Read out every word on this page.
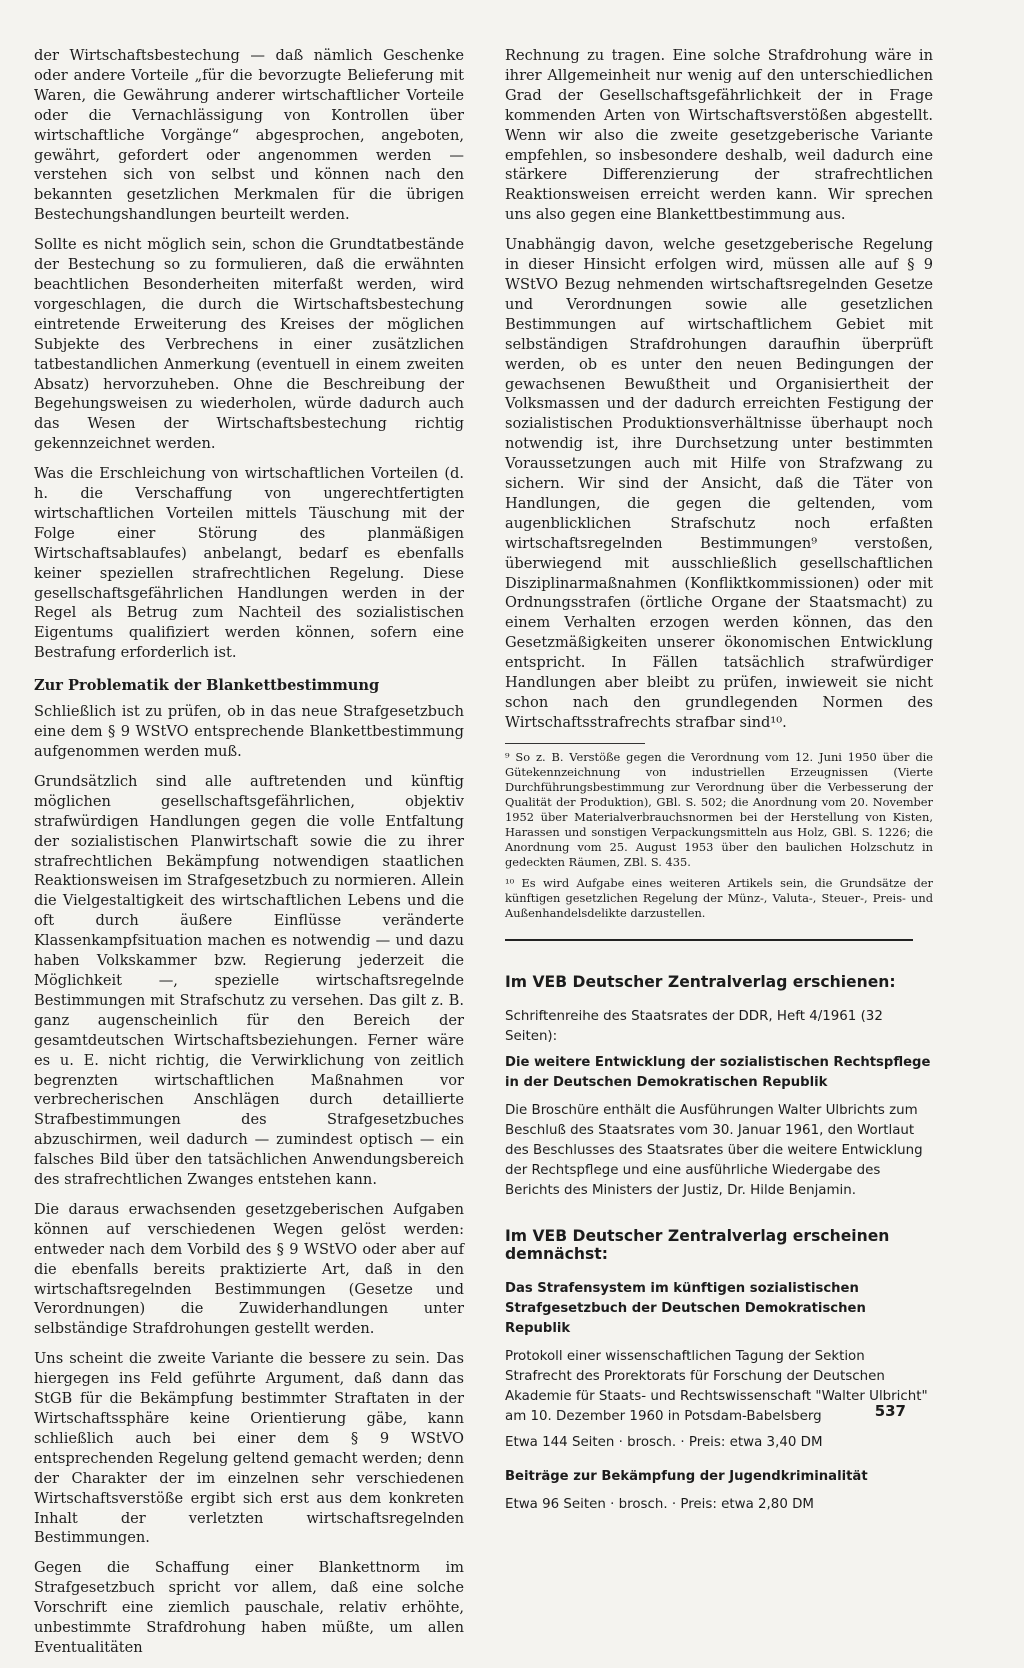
der Wirtschaftsbestechung — daß nämlich Geschenke oder andere Vorteile „für die bevorzugte Belieferung mit Waren, die Gewährung anderer wirtschaftlicher Vorteile oder die Vernachlässigung von Kontrollen über wirtschaftliche Vorgänge“ abgesprochen, angeboten, gewährt, gefordert oder angenommen werden — verstehen sich von selbst und können nach den bekannten gesetzlichen Merkmalen für die übrigen Bestechungshandlungen beurteilt werden.

Sollte es nicht möglich sein, schon die Grundtatbestände der Bestechung so zu formulieren, daß die erwähnten beachtlichen Besonderheiten miterfaßt werden, wird vorgeschlagen, die durch die Wirtschaftsbestechung eintretende Erweiterung des Kreises der möglichen Subjekte des Verbrechens in einer zusätzlichen tatbestandlichen Anmerkung (eventuell in einem zweiten Absatz) hervorzuheben. Ohne die Beschreibung der Begehungsweisen zu wiederholen, würde dadurch auch das Wesen der Wirtschaftsbestechung richtig gekennzeichnet werden.

Was die Erschleichung von wirtschaftlichen Vorteilen (d. h. die Verschaffung von ungerechtfertigten wirtschaftlichen Vorteilen mittels Täuschung mit der Folge einer Störung des planmäßigen Wirtschaftsablaufes) anbelangt, bedarf es ebenfalls keiner speziellen strafrechtlichen Regelung. Diese gesellschaftsgefährlichen Handlungen werden in der Regel als Betrug zum Nachteil des sozialistischen Eigentums qualifiziert werden können, sofern eine Bestrafung erforderlich ist.

Zur Problematik der Blankettbestimmung

Schließlich ist zu prüfen, ob in das neue Strafgesetzbuch eine dem § 9 WStVO entsprechende Blankettbestimmung aufgenommen werden muß.

Grundsätzlich sind alle auftretenden und künftig möglichen gesellschaftsgefährlichen, objektiv strafwürdigen Handlungen gegen die volle Entfaltung der sozialistischen Planwirtschaft sowie die zu ihrer strafrechtlichen Bekämpfung notwendigen staatlichen Reaktionsweisen im Strafgesetzbuch zu normieren. Allein die Vielgestaltigkeit des wirtschaftlichen Lebens und die oft durch äußere Einflüsse veränderte Klassenkampfsituation machen es notwendig — und dazu haben Volkskammer bzw. Regierung jederzeit die Möglichkeit —, spezielle wirtschaftsregelnde Bestimmungen mit Strafschutz zu versehen. Das gilt z. B. ganz augenscheinlich für den Bereich der gesamtdeutschen Wirtschaftsbeziehungen. Ferner wäre es u. E. nicht richtig, die Verwirklichung von zeitlich begrenzten wirtschaftlichen Maßnahmen vor verbrecherischen Anschlägen durch detaillierte Strafbestimmungen des Strafgesetzbuches abzuschirmen, weil dadurch — zumindest optisch — ein falsches Bild über den tatsächlichen Anwendungsbereich des strafrechtlichen Zwanges entstehen kann.

Die daraus erwachsenden gesetzgeberischen Aufgaben können auf verschiedenen Wegen gelöst werden: entweder nach dem Vorbild des § 9 WStVO oder aber auf die ebenfalls bereits praktizierte Art, daß in den wirtschaftsregelnden Bestimmungen (Gesetze und Verordnungen) die Zuwiderhandlungen unter selbständige Strafdrohungen gestellt werden.

Uns scheint die zweite Variante die bessere zu sein. Das hiergegen ins Feld geführte Argument, daß dann das StGB für die Bekämpfung bestimmter Straftaten in der Wirtschaftssphäre keine Orientierung gäbe, kann schließlich auch bei einer dem § 9 WStVO entsprechenden Regelung geltend gemacht werden; denn der Charakter der im einzelnen sehr verschiedenen Wirtschaftsverstöße ergibt sich erst aus dem konkreten Inhalt der verletzten wirtschaftsregelnden Bestimmungen.

Gegen die Schaffung einer Blankettnorm im Strafgesetzbuch spricht vor allem, daß eine solche Vorschrift eine ziemlich pauschale, relativ erhöhte, unbestimmte Strafdrohung haben müßte, um allen Eventualitäten

Rechnung zu tragen. Eine solche Strafdrohung wäre in ihrer Allgemeinheit nur wenig auf den unterschiedlichen Grad der Gesellschaftsgefährlichkeit der in Frage kommenden Arten von Wirtschaftsverstößen abgestellt. Wenn wir also die zweite gesetzgeberische Variante empfehlen, so insbesondere deshalb, weil dadurch eine stärkere Differenzierung der strafrechtlichen Reaktionsweisen erreicht werden kann. Wir sprechen uns also gegen eine Blankettbestimmung aus.

Unabhängig davon, welche gesetzgeberische Regelung in dieser Hinsicht erfolgen wird, müssen alle auf § 9 WStVO Bezug nehmenden wirtschaftsregelnden Gesetze und Verordnungen sowie alle gesetzlichen Bestimmungen auf wirtschaftlichem Gebiet mit selbständigen Strafdrohungen daraufhin überprüft werden, ob es unter den neuen Bedingungen der gewachsenen Bewußtheit und Organisiertheit der Volksmassen und der dadurch erreichten Festigung der sozialistischen Produktionsverhältnisse überhaupt noch notwendig ist, ihre Durchsetzung unter bestimmten Voraussetzungen auch mit Hilfe von Strafzwang zu sichern. Wir sind der Ansicht, daß die Täter von Handlungen, die gegen die geltenden, vom augenblicklichen Strafschutz noch erfaßten wirtschaftsregelnden Bestimmungen⁹ verstoßen, überwiegend mit ausschließlich gesellschaftlichen Disziplinarmaßnahmen (Konfliktkommissionen) oder mit Ordnungsstrafen (örtliche Organe der Staatsmacht) zu einem Verhalten erzogen werden können, das den Gesetzmäßigkeiten unserer ökonomischen Entwicklung entspricht. In Fällen tatsächlich strafwürdiger Handlungen aber bleibt zu prüfen, inwieweit sie nicht schon nach den grundlegenden Normen des Wirtschaftsstrafrechts strafbar sind¹⁰.

⁹ So z. B. Verstöße gegen die Verordnung vom 12. Juni 1950 über die Gütekennzeichnung von industriellen Erzeugnissen (Vierte Durchführungsbestimmung zur Verordnung über die Verbesserung der Qualität der Produktion), GBl. S. 502; die Anordnung vom 20. November 1952 über Materialverbrauchsnormen bei der Herstellung von Kisten, Harassen und sonstigen Verpackungsmitteln aus Holz, GBl. S. 1226; die Anordnung vom 25. August 1953 über den baulichen Holzschutz in gedeckten Räumen, ZBl. S. 435.

¹⁰ Es wird Aufgabe eines weiteren Artikels sein, die Grundsätze der künftigen gesetzlichen Regelung der Münz-, Valuta-, Steuer-, Preis- und Außenhandelsdelikte darzustellen.

Im VEB Deutscher Zentralverlag erschienen:

Schriftenreihe des Staatsrates der DDR, Heft 4/1961 (32 Seiten):

Die weitere Entwicklung der sozialistischen Rechtspflege in der Deutschen Demokratischen Republik

Die Broschüre enthält die Ausführungen Walter Ulbrichts zum Beschluß des Staatsrates vom 30. Januar 1961, den Wortlaut des Beschlusses des Staatsrates über die weitere Entwicklung der Rechtspflege und eine ausführliche Wiedergabe des Berichts des Ministers der Justiz, Dr. Hilde Benjamin.

Im VEB Deutscher Zentralverlag erscheinen demnächst:
Das Strafensystem im künftigen sozialistischen Strafgesetzbuch der Deutschen Demokratischen Republik

Protokoll einer wissenschaftlichen Tagung der Sektion Strafrecht des Prorektorats für Forschung der Deutschen Akademie für Staats- und Rechtswissenschaft "Walter Ulbricht" am 10. Dezember 1960 in Potsdam-Babelsberg

Etwa 144 Seiten · brosch. · Preis: etwa 3,40 DM
Beiträge zur Bekämpfung der Jugendkriminalität
Etwa 96 Seiten · brosch. · Preis: etwa 2,80 DM
537
